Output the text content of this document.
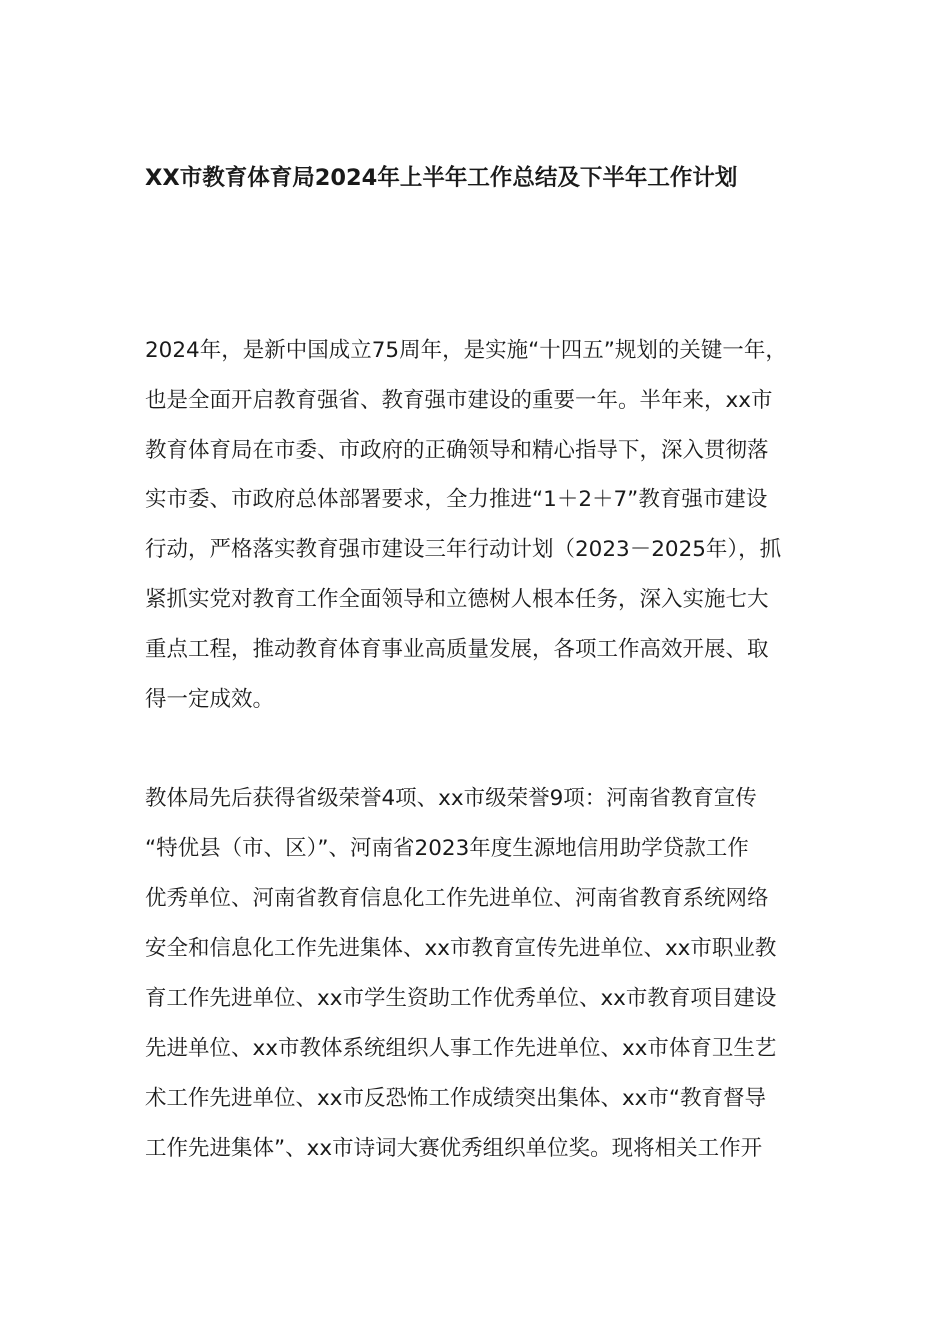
XX市教育体育局2024年上半年工作总结及下半年工作计划
2024年，是新中国成立75周年，是实施“十四五”规划的关键一年，
也是全面开启教育强省、教育强市建设的重要一年。半年来，xx市
教育体育局在市委、市政府的正确领导和精心指导下，深入贯彻落
实市委、市政府总体部署要求，全力推进“1＋2＋7”教育强市建设
行动，严格落实教育强市建设三年行动计划（2023－2025年），抓
紧抓实党对教育工作全面领导和立德树人根本任务，深入实施七大
重点工程，推动教育体育事业高质量发展，各项工作高效开展、取
得一定成效。
教体局先后获得省级荣誉4项、xx市级荣誉9项：河南省教育宣传
“特优县（市、区）”、河南省2023年度生源地信用助学贷款工作
优秀单位、河南省教育信息化工作先进单位、河南省教育系统网络
安全和信息化工作先进集体、xx市教育宣传先进单位、xx市职业教
育工作先进单位、xx市学生资助工作优秀单位、xx市教育项目建设
先进单位、xx市教体系统组织人事工作先进单位、xx市体育卫生艺
术工作先进单位、xx市反恐怖工作成绩突出集体、xx市“教育督导
工作先进集体”、xx市诗词大赛优秀组织单位奖。现将相关工作开
